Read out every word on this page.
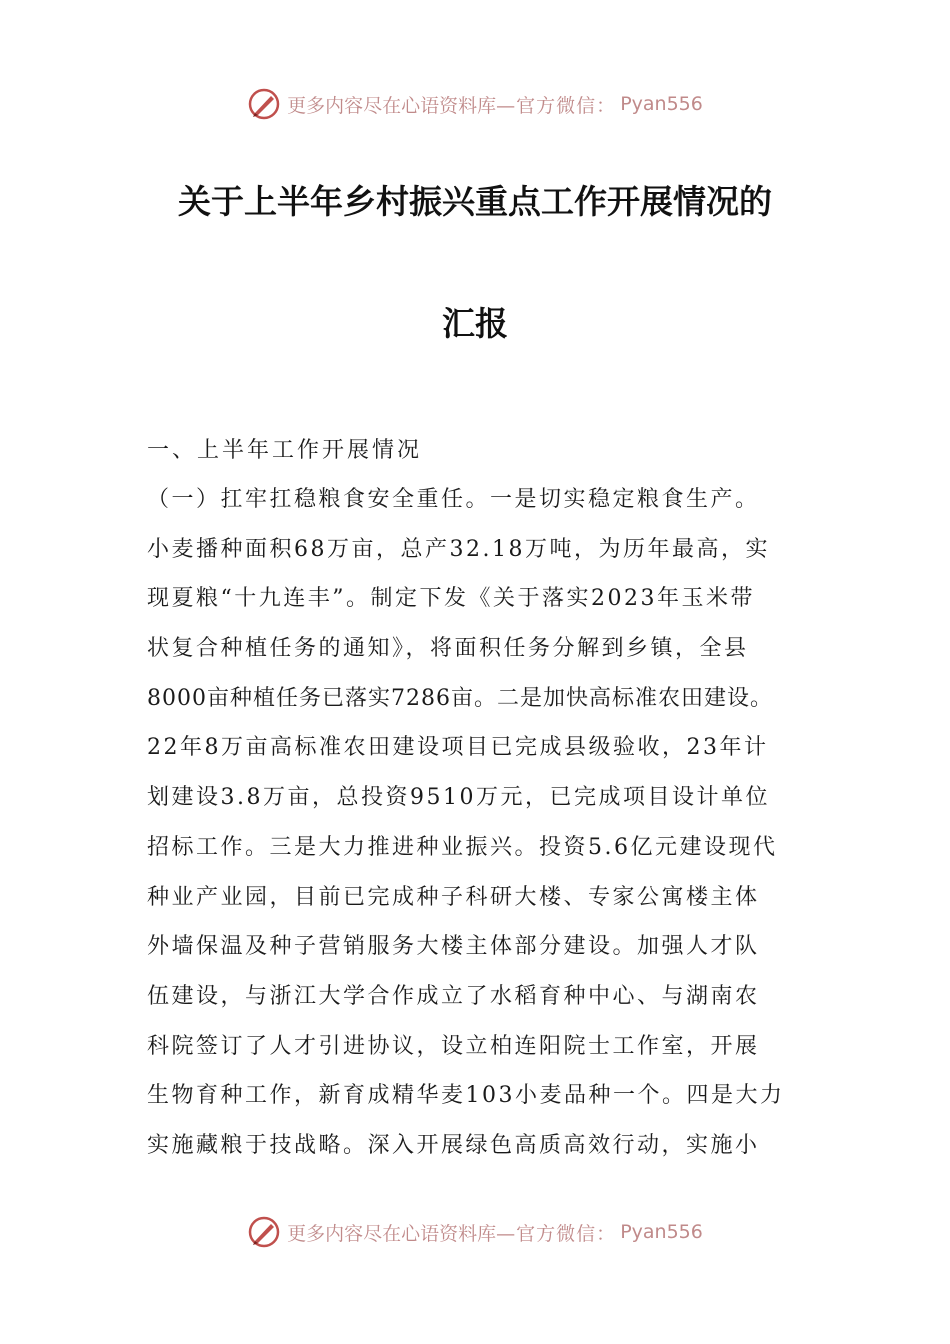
更多内容尽在心语资料库 —官方微信： Pyan556
关于上半年乡村振兴重点工作开展情况的
汇报
一、上半年工作开展情况
（一）扛牢扛稳粮食安全重任。一是切实稳定粮食生产。
小麦播种面积68万亩，总产32.18万吨，为历年最高，实
现夏粮“十九连丰”。制定下发《关于落实2023年玉米带
状复合种植任务的通知》，将面积任务分解到乡镇，全县
8000亩种植任务已落实7286亩。二是加快高标准农田建设。
22年8万亩高标准农田建设项目已完成县级验收，23年计
划建设3.8万亩，总投资9510万元，已完成项目设计单位
招标工作。三是大力推进种业振兴。投资5.6亿元建设现代
种业产业园，目前已完成种子科研大楼、专家公寓楼主体
外墙保温及种子营销服务大楼主体部分建设。加强人才队
伍建设，与浙江大学合作成立了水稻育种中心、与湖南农
科院签订了人才引进协议，设立柏连阳院士工作室，开展
生物育种工作，新育成精华麦103小麦品种一个。四是大力
实施藏粮于技战略。深入开展绿色高质高效行动，实施小
更多内容尽在心语资料库 —官方微信： Pyan556
